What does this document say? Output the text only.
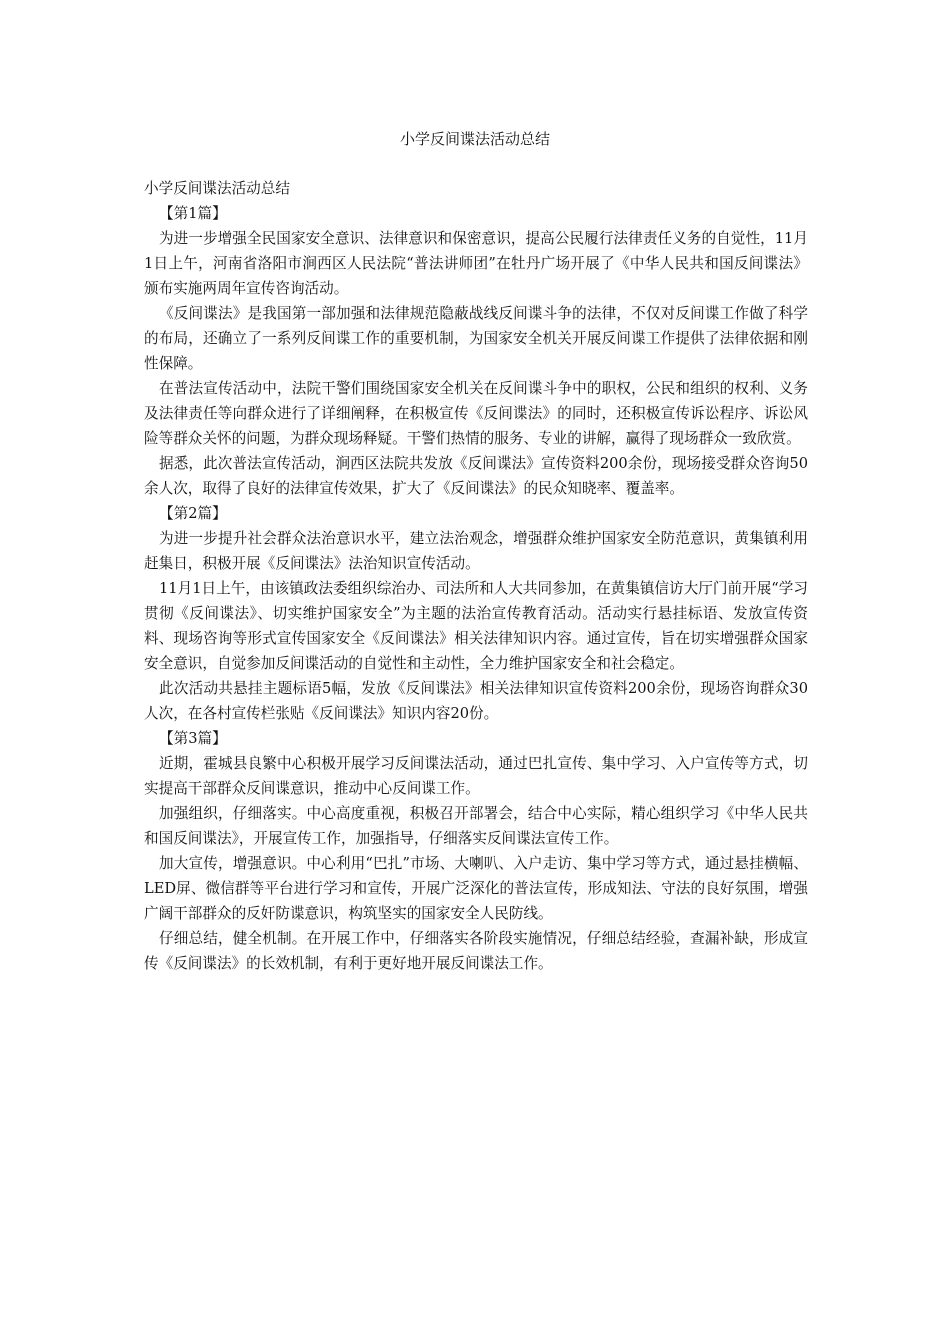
小学反间谍法活动总结

小学反间谍法活动总结

【第1篇】

为进一步增强全民国家安全意识、法律意识和保密意识，提高公民履行法律责任义务的自觉性，11月1日上午，河南省洛阳市涧西区人民法院“普法讲师团”在牡丹广场开展了《中华人民共和国反间谍法》颁布实施两周年宣传咨询活动。

《反间谍法》是我国第一部加强和法律规范隐蔽战线反间谍斗争的法律，不仅对反间谍工作做了科学的布局，还确立了一系列反间谍工作的重要机制，为国家安全机关开展反间谍工作提供了法律依据和刚性保障。

在普法宣传活动中，法院干警们围绕国家安全机关在反间谍斗争中的职权，公民和组织的权利、义务及法律责任等向群众进行了详细阐释，在积极宣传《反间谍法》的同时，还积极宣传诉讼程序、诉讼风险等群众关怀的问题，为群众现场释疑。干警们热情的服务、专业的讲解，赢得了现场群众一致欣赏。

据悉，此次普法宣传活动，涧西区法院共发放《反间谍法》宣传资料200余份，现场接受群众咨询50余人次，取得了良好的法律宣传效果，扩大了《反间谍法》的民众知晓率、覆盖率。

【第2篇】

为进一步提升社会群众法治意识水平，建立法治观念，增强群众维护国家安全防范意识，黄集镇利用赶集日，积极开展《反间谍法》法治知识宣传活动。

11月1日上午，由该镇政法委组织综治办、司法所和人大共同参加，在黄集镇信访大厅门前开展“学习贯彻《反间谍法》、切实维护国家安全”为主题的法治宣传教育活动。活动实行悬挂标语、发放宣传资料、现场咨询等形式宣传国家安全《反间谍法》相关法律知识内容。通过宣传，旨在切实增强群众国家安全意识，自觉参加反间谍活动的自觉性和主动性，全力维护国家安全和社会稳定。

此次活动共悬挂主题标语5幅，发放《反间谍法》相关法律知识宣传资料200余份，现场咨询群众30人次，在各村宣传栏张贴《反间谍法》知识内容20份。

【第3篇】

近期，霍城县良繁中心积极开展学习反间谍法活动，通过巴扎宣传、集中学习、入户宣传等方式，切实提高干部群众反间谍意识，推动中心反间谍工作。

加强组织，仔细落实。中心高度重视，积极召开部署会，结合中心实际，精心组织学习《中华人民共和国反间谍法》，开展宣传工作，加强指导，仔细落实反间谍法宣传工作。

加大宣传，增强意识。中心利用“巴扎”市场、大喇叭、入户走访、集中学习等方式，通过悬挂横幅、LED屏、微信群等平台进行学习和宣传，开展广泛深化的普法宣传，形成知法、守法的良好氛围，增强广阔干部群众的反奸防谍意识，构筑坚实的国家安全人民防线。

仔细总结，健全机制。在开展工作中，仔细落实各阶段实施情况，仔细总结经验，查漏补缺，形成宣传《反间谍法》的长效机制，有利于更好地开展反间谍法工作。
